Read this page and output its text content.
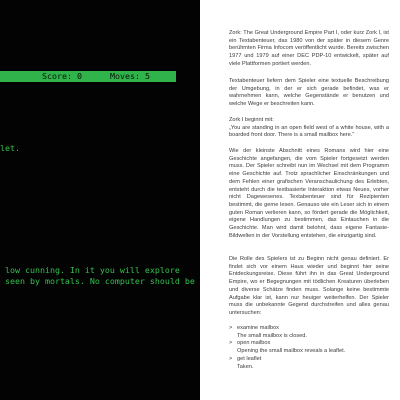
Score: 0	Moves: 5
let.
low cunning. In it you will explore
seen by mortals. No computer should be

Zork: The Great Underground Empire Part I, oder kurz Zork I, ist ein Textabenteuer, das 1980 von der später in diesem Genre berühmten Firma Infocom veröffentlicht wurde. Bereits zwischen 1977 und 1979 auf einer DEC PDP-10 entwickelt, später auf viele Plattformen portiert werden.

Textabenteuer liefern dem Spieler eine textuelle Beschreibung der Umgebung, in der er sich gerade befindet, was er wahrnehmen kann, welche Gegenstände er benutzen und welche Wege er beschreiten kann.

Zork I beginnt mit:
„You are standing in an open field west of a white house, with a boarded front door. There is a small mailbox here."

Wie der kleinste Abschnitt eines Romans wird hier eine Geschichte angefangen, die vom Spieler fortgesetzt werden muss. Der Spieler schreibt nun im Wechsel mit dem Programm eine Geschichte auf. Trotz sprachlicher Einschränkungen und dem Fehlen einer grafischen Veranschaulichung des Erlebten, entsteht durch die textbasierte Interaktion etwas Neues, vorher nicht Dagewesenes. Textabenteuer sind für Rezipienten bestimmt, die gerne lesen. Genauso wie ein Leser sich in einem guten Roman verlieren kann, so fördert gerade die Möglichkeit, eigene Handlungen zu bestimmen, das Eintauchen in die Geschichte. Man wird damit belohnt, dass eigene Fantasie-Bildwelten in der Vorstellung entstehen, die einzigartig sind.

Die Rolle des Spielers ist zu Beginn nicht genau definiert. Er findet sich vor einem Haus wieder und beginnt hier seine Entdeckungsreise. Diese führt ihn in das Great Underground Empire, wo er Begegnungen mit tödlichen Kreaturen überleben und diverse Schätze finden muss. Solange keine bestimmte Aufgabe klar ist, kann nur heuiger weiterhelfen. Der Spieler muss die unbekannte Gegend durchstreifen und alles genau untersuchen:

> examine mailbox
The small mailbox is closed.
> open mailbox
Opening the small mailbox reveals a leaflet.
> get leaflet
Taken.
